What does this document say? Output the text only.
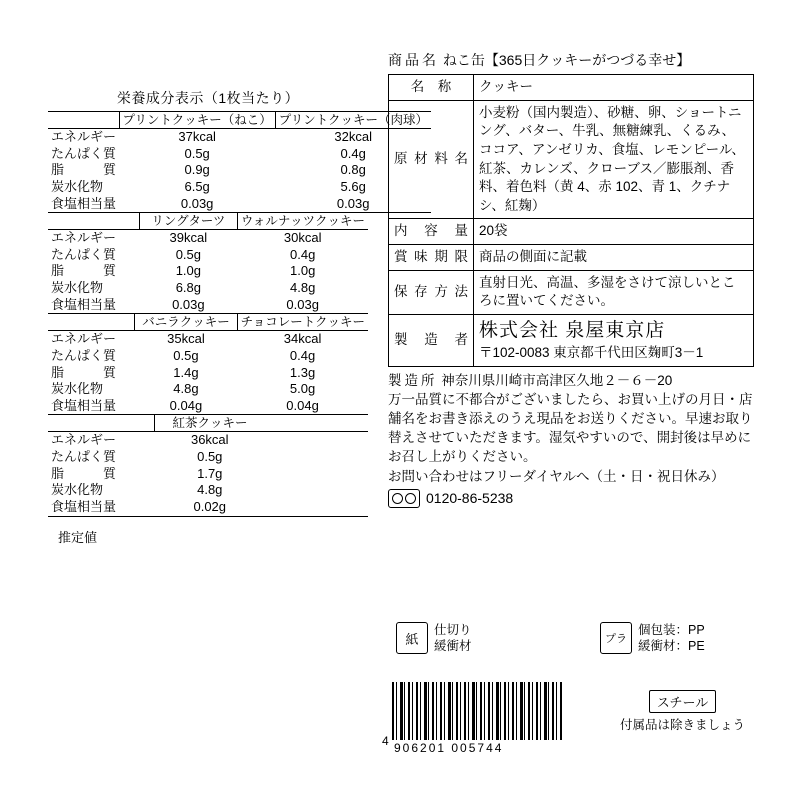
栄養成分表示（1枚当たり）
	プリントクッキー（ねこ）	プリントクッキー（肉球）
エネルギー	37kcal	32kcal
たんぱく質	0.5g	0.4g
脂　　　質	0.9g	0.8g
炭水化物	6.5g	5.6g
食塩相当量	0.03g	0.03g
	リングターツ	ウォルナッツクッキー
エネルギー	39kcal	30kcal
たんぱく質	0.5g	0.4g
脂　　　質	1.0g	1.0g
炭水化物	6.8g	4.8g
食塩相当量	0.03g	0.03g
	バニラクッキー	チョコレートクッキー
エネルギー	35kcal	34kcal
たんぱく質	0.5g	0.4g
脂　　　質	1.4g	1.3g
炭水化物	4.8g	5.0g
食塩相当量	0.04g	0.04g
	紅茶クッキー	
エネルギー	36kcal	
たんぱく質	0.5g	
脂　　　質	1.7g	
炭水化物	4.8g	
食塩相当量	0.02g	
推定値
商品名 ねこ缶【365日クッキーがつづる幸せ】
名　称	クッキー
原材料名	小麦粉（国内製造）、砂糖、卵、ショートニング、バター、牛乳、無糖練乳、くるみ、ココア、アンゼリカ、食塩、レモンピール、紅茶、カレンズ、クローブス／膨脹剤、香料、着色料（黄 4、赤 102、青 1、クチナシ、紅麹）
内容量	20袋
賞味期限	商品の側面に記載
保存方法	直射日光、高温、多湿をさけて涼しいところに置いてください。
製造者	株式会社 泉屋東京店
〒102-0083 東京都千代田区麹町3－1
製造所 神奈川県川崎市高津区久地２－６－20
万一品質に不都合がございましたら、お買い上げの月日・店舗名をお書き添えのうえ現品をお送りください。早速お取り替えさせていただきます。湿気やすいので、開封後は早めにお召し上がりください。
お問い合わせはフリーダイヤルへ（土・日・祝日休み）
0120-86-5238
紙
仕切り
緩衝材	プラ
個包装：PP
緩衝材：PE
スチール
付属品は除きましょう
4 906201 005744
